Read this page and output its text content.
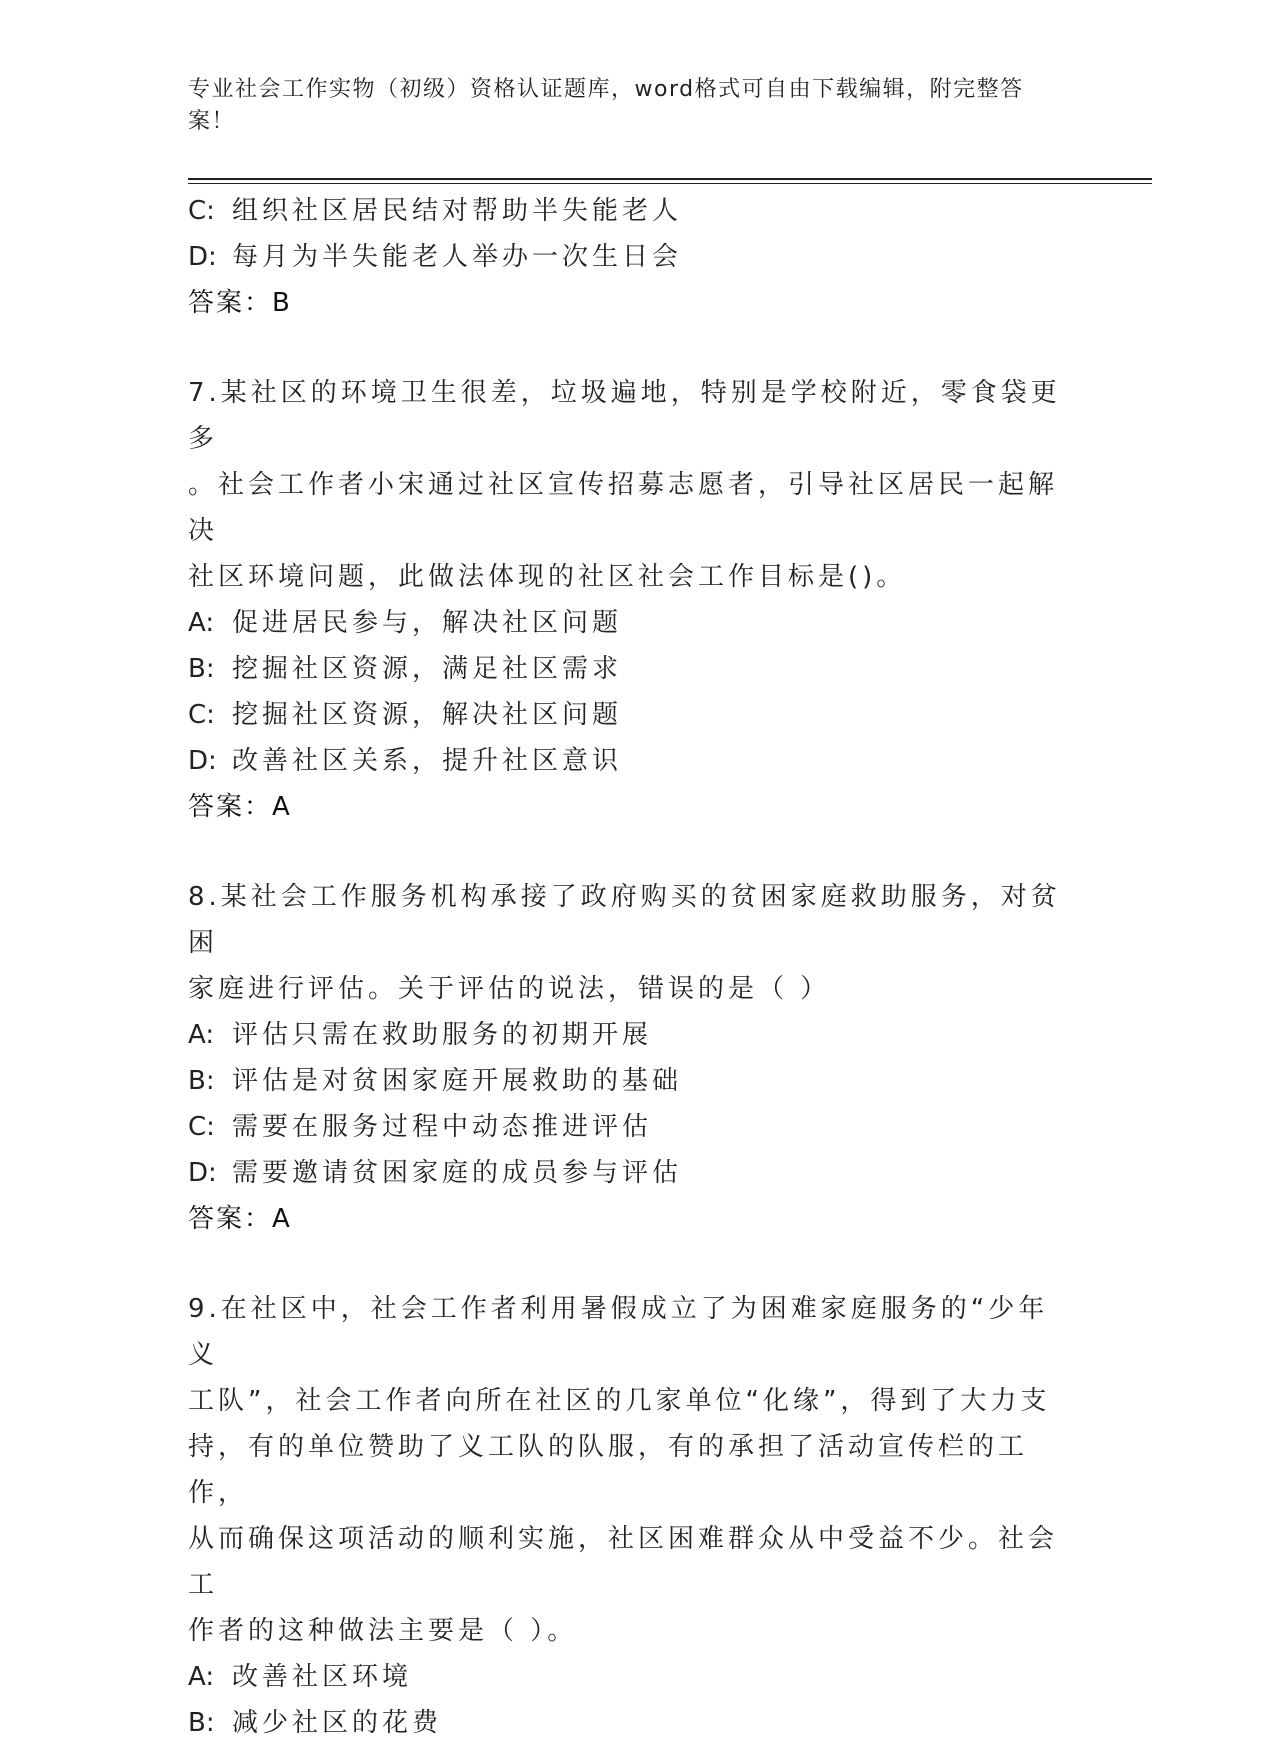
专业社会工作实物（初级）资格认证题库，word格式可自由下载编辑，附完整答
案！
C: 组织社区居民结对帮助半失能老人
D: 每月为半失能老人举办一次生日会
答案：B
7.某社区的环境卫生很差，垃圾遍地，特别是学校附近，零食袋更多
。社会工作者小宋通过社区宣传招募志愿者，引导社区居民一起解决
社区环境问题，此做法体现的社区社会工作目标是()。
A: 促进居民参与，解决社区问题
B: 挖掘社区资源，满足社区需求
C: 挖掘社区资源，解决社区问题
D: 改善社区关系，提升社区意识
答案：A
8.某社会工作服务机构承接了政府购买的贫困家庭救助服务，对贫困
家庭进行评估。关于评估的说法，错误的是（ ）
A: 评估只需在救助服务的初期开展
B: 评估是对贫困家庭开展救助的基础
C: 需要在服务过程中动态推进评估
D: 需要邀请贫困家庭的成员参与评估
答案：A
9.在社区中，社会工作者利用暑假成立了为困难家庭服务的“少年义
工队”，社会工作者向所在社区的几家单位“化缘”，得到了大力支
持，有的单位赞助了义工队的队服，有的承担了活动宣传栏的工作，
从而确保这项活动的顺利实施，社区困难群众从中受益不少。社会工
作者的这种做法主要是（ ）。
A: 改善社区环境
B: 减少社区的花费
